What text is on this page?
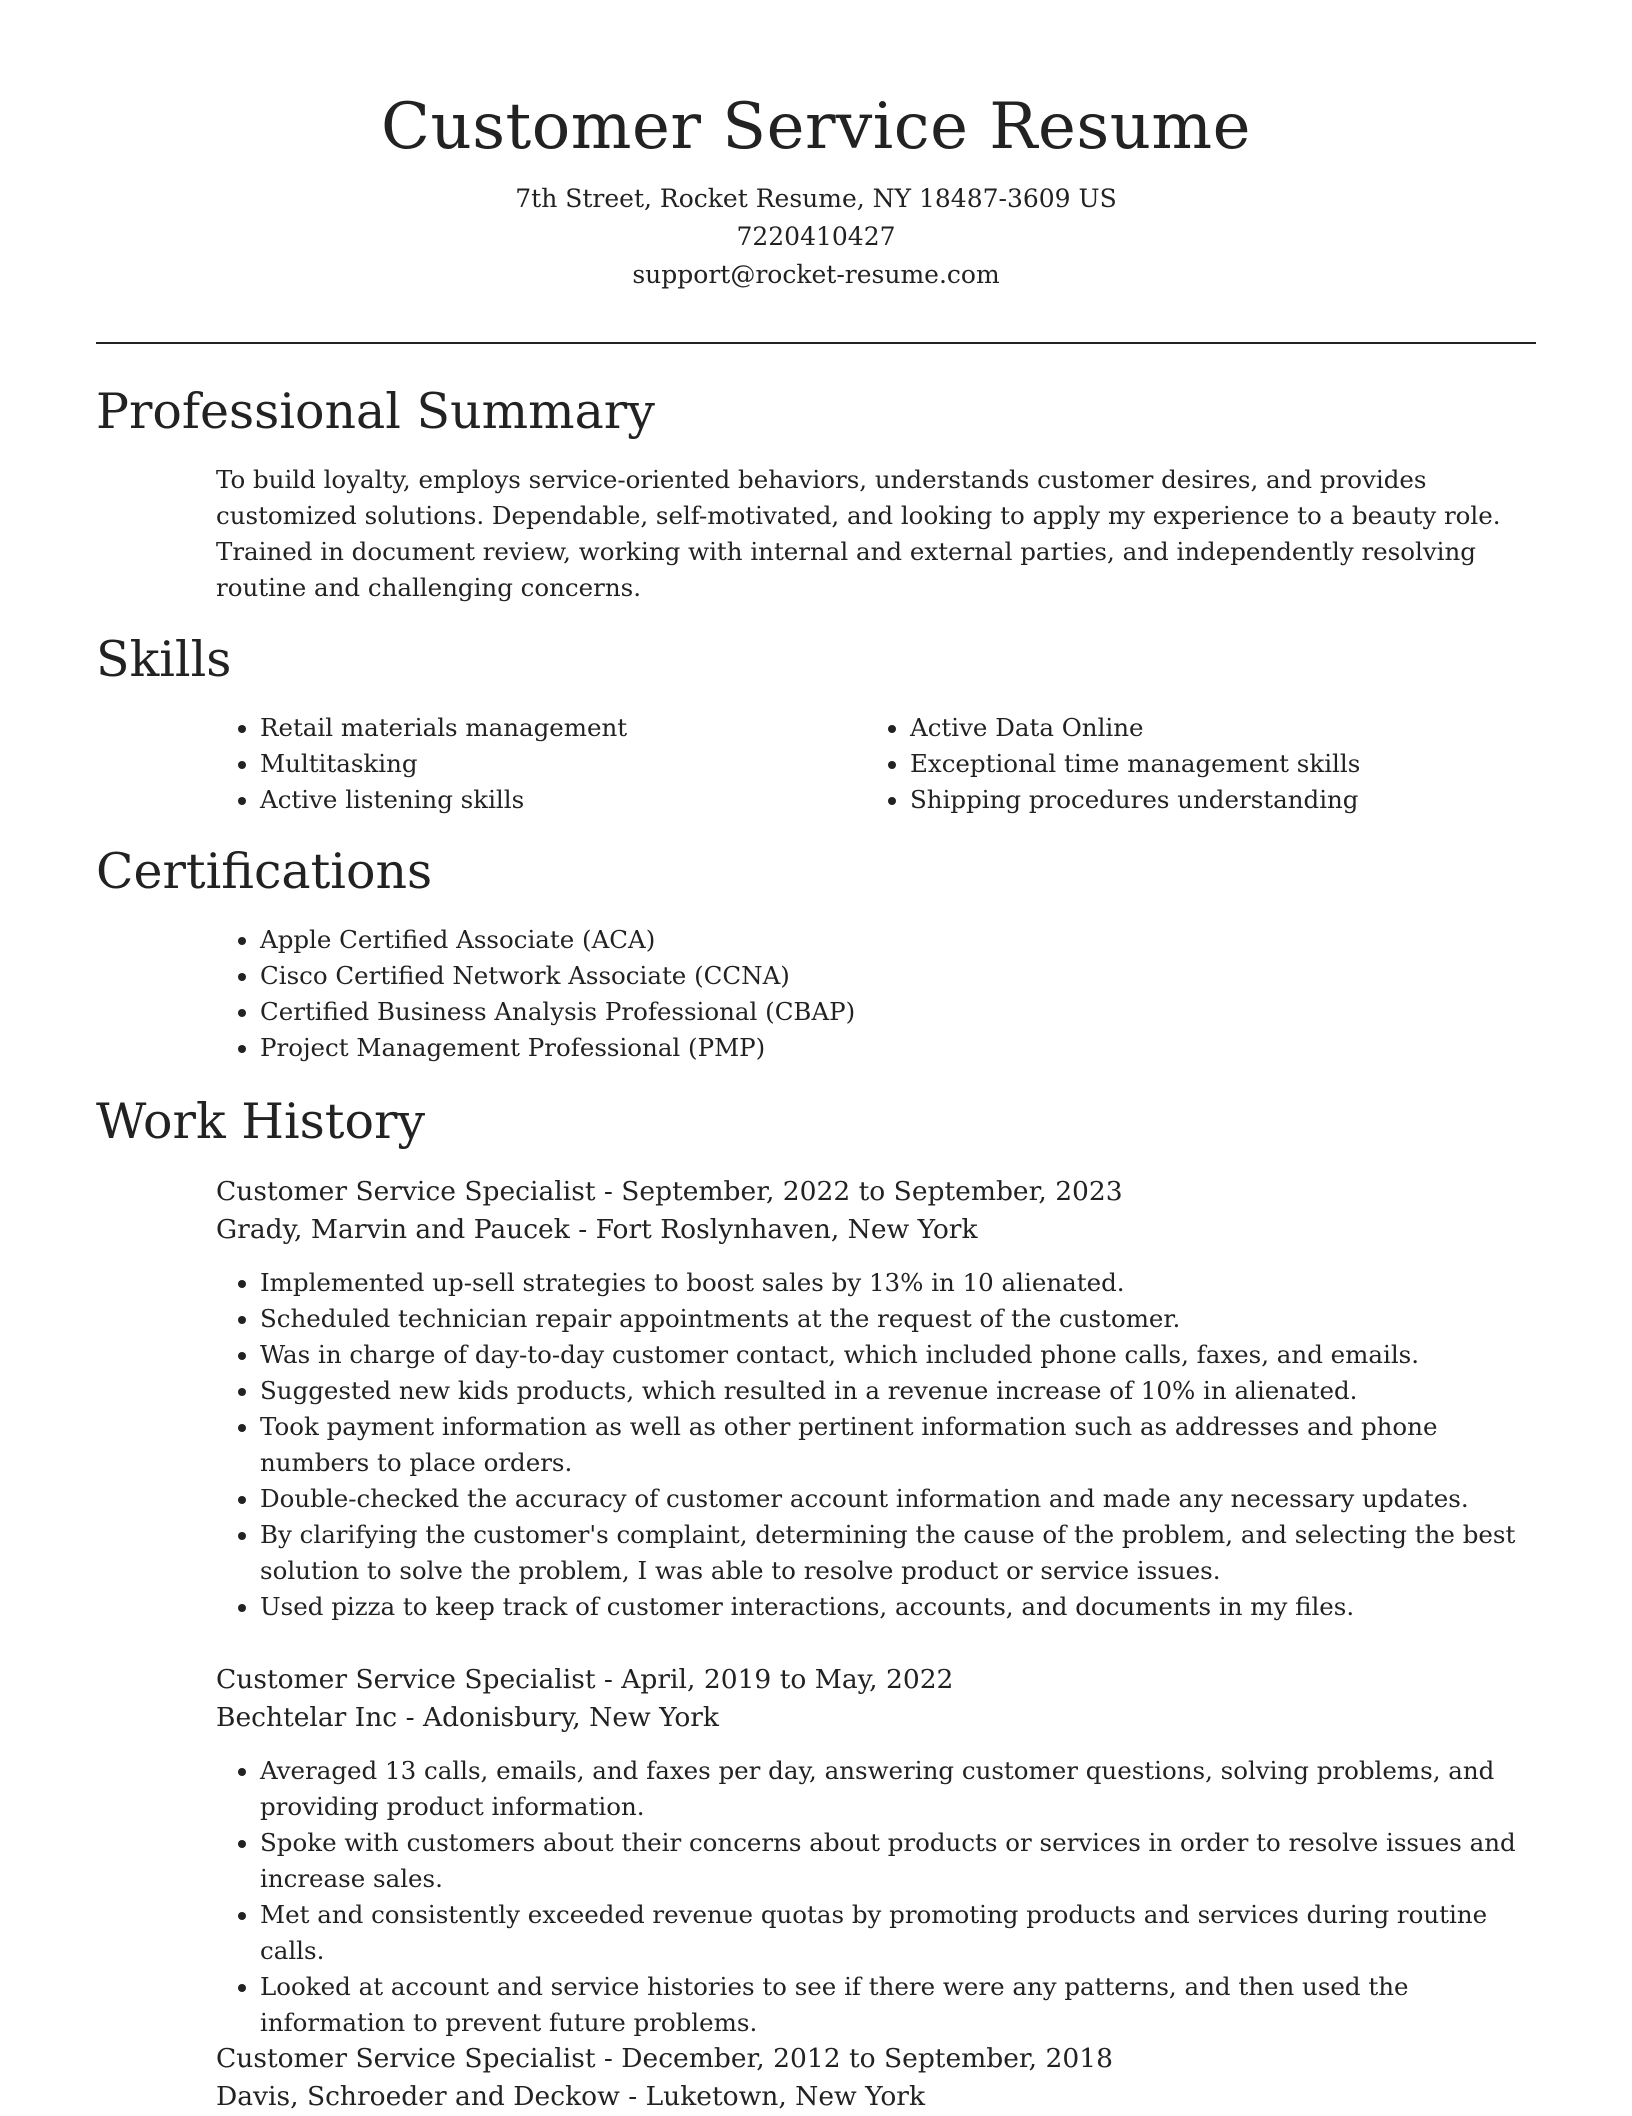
Customer Service Resume
7th Street, Rocket Resume, NY 18487-3609 US
7220410427
support@rocket-resume.com
Professional Summary

To build loyalty, employs service-oriented behaviors, understands customer desires, and provides customized solutions. Dependable, self-motivated, and looking to apply my experience to a beauty role. Trained in document review, working with internal and external parties, and independently resolving routine and challenging concerns.

Skills
• Retail materials management
• Multitasking
• Active listening skills
• Active Data Online
• Exceptional time management skills
• Shipping procedures understanding
Certifications
• Apple Certified Associate (ACA)
• Cisco Certified Network Associate (CCNA)
• Certified Business Analysis Professional (CBAP)
• Project Management Professional (PMP)
Work History
Customer Service Specialist - September, 2022 to September, 2023
Grady, Marvin and Paucek - Fort Roslynhaven, New York
• Implemented up-sell strategies to boost sales by 13% in 10 alienated.
• Scheduled technician repair appointments at the request of the customer.
• Was in charge of day-to-day customer contact, which included phone calls, faxes, and emails.
• Suggested new kids products, which resulted in a revenue increase of 10% in alienated.
• Took payment information as well as other pertinent information such as addresses and phone numbers to place orders.
• Double-checked the accuracy of customer account information and made any necessary updates.
• By clarifying the customer's complaint, determining the cause of the problem, and selecting the best solution to solve the problem, I was able to resolve product or service issues.
• Used pizza to keep track of customer interactions, accounts, and documents in my files.
Customer Service Specialist - April, 2019 to May, 2022
Bechtelar Inc - Adonisbury, New York
• Averaged 13 calls, emails, and faxes per day, answering customer questions, solving problems, and providing product information.
• Spoke with customers about their concerns about products or services in order to resolve issues and increase sales.
• Met and consistently exceeded revenue quotas by promoting products and services during routine calls.
• Looked at account and service histories to see if there were any patterns, and then used the information to prevent future problems.
Customer Service Specialist - December, 2012 to September, 2018
Davis, Schroeder and Deckow - Luketown, New York
